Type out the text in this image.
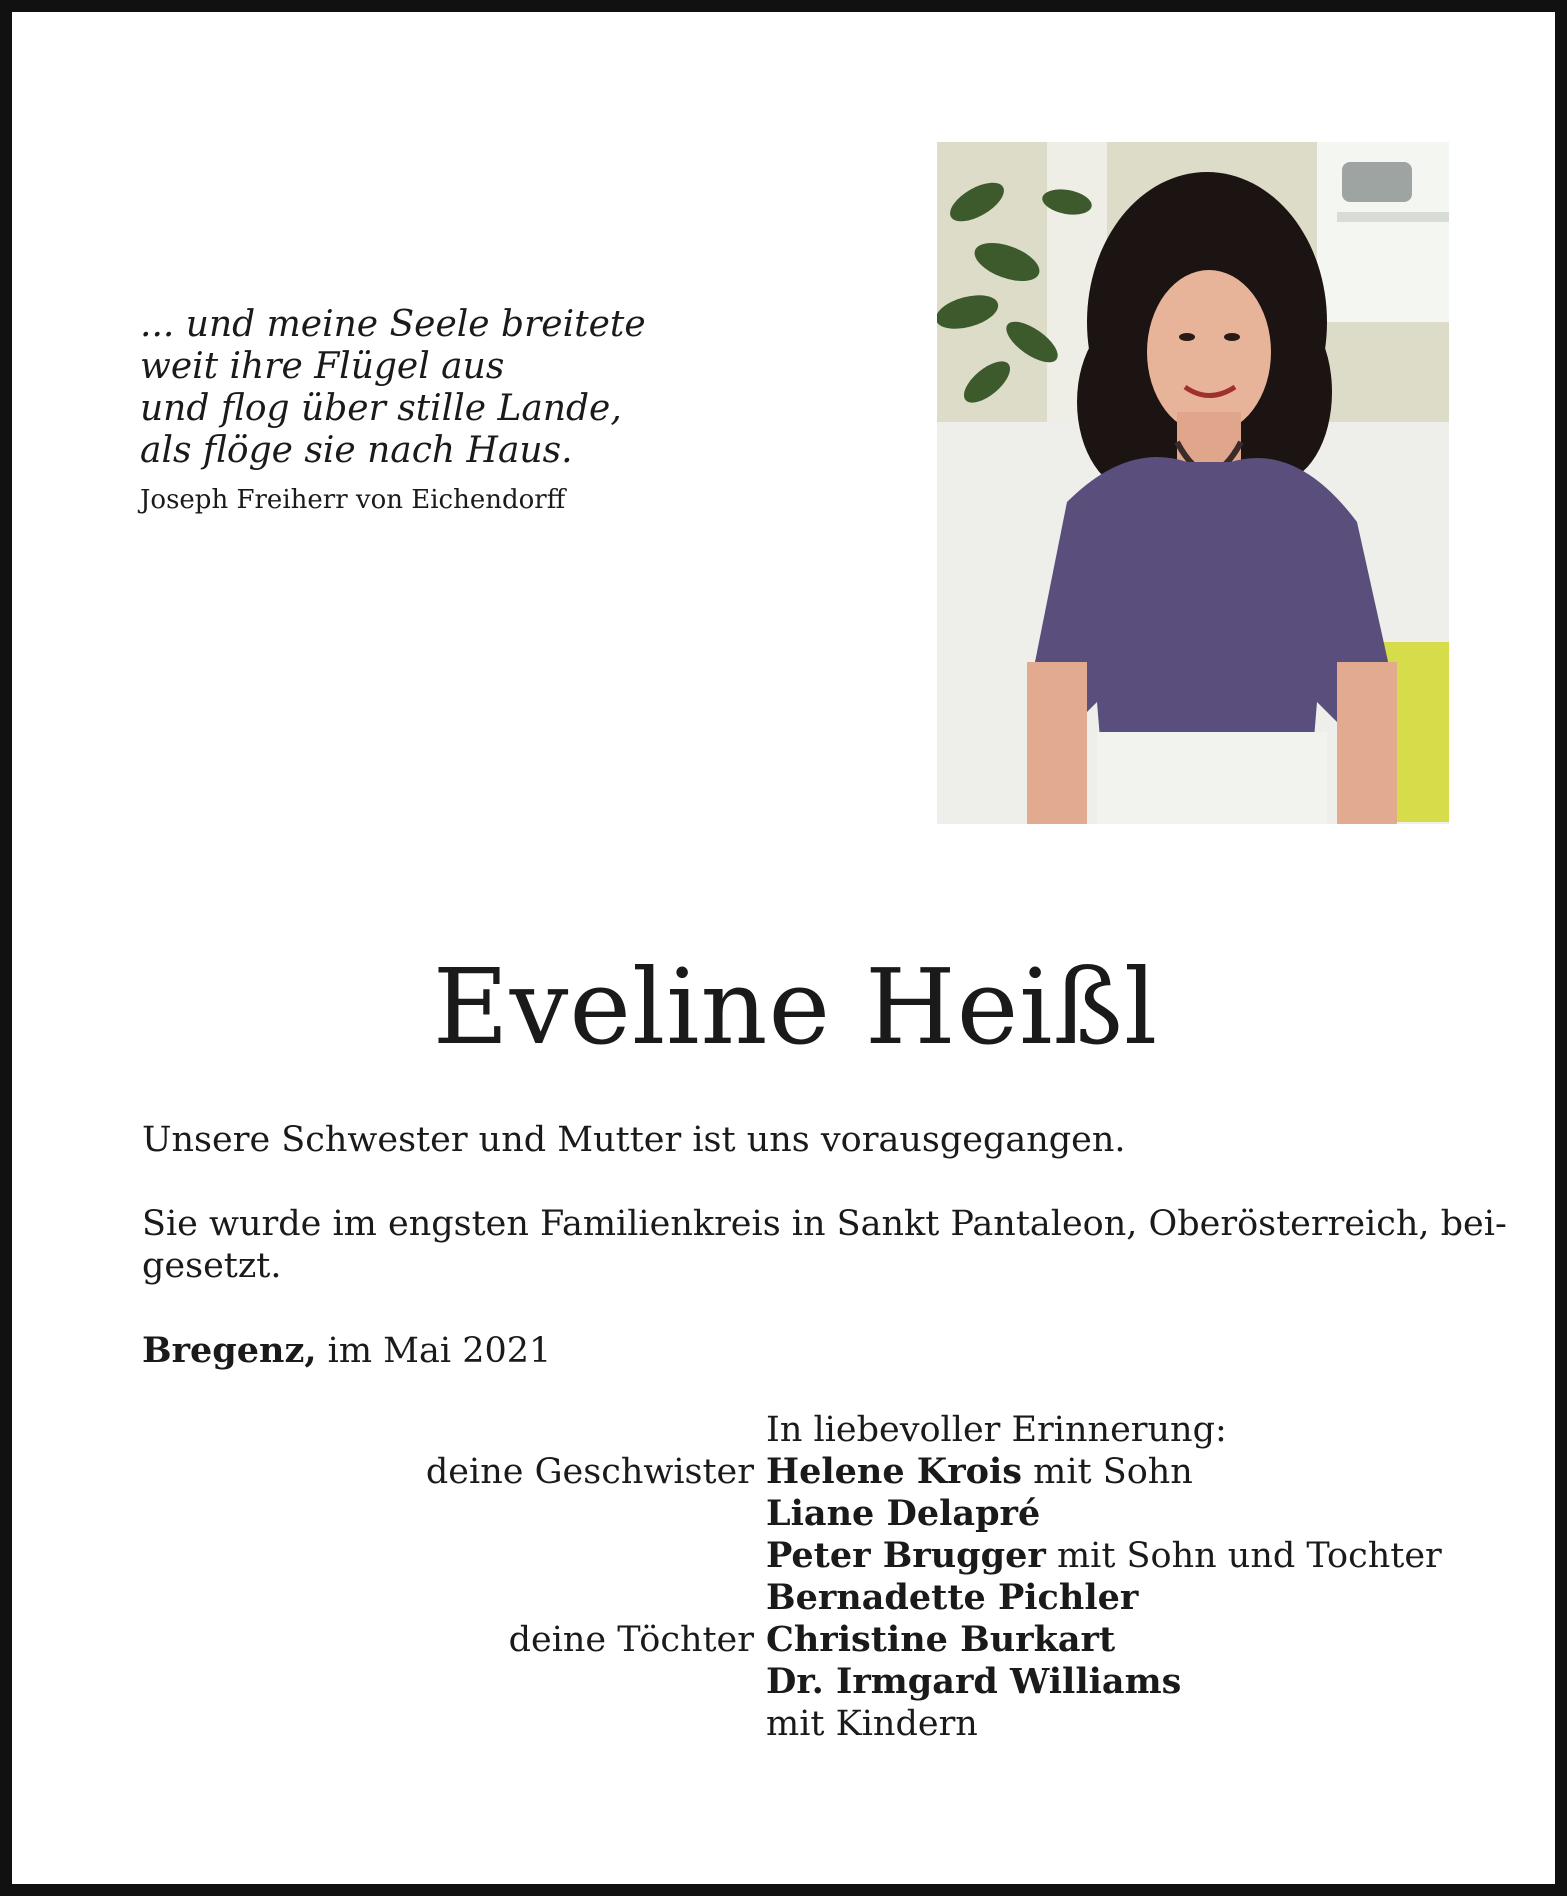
... und meine Seele breitete
weit ihre Flügel aus
und flog über stille Lande,
als flöge sie nach Haus.
Joseph Freiherr von Eichendorff
Eveline Heißl
Unsere Schwester und Mutter ist uns vorausgegangen.
Sie wurde im engsten Familienkreis in Sankt Pantaleon, Oberösterreich, bei-
gesetzt.
Bregenz, im Mai 2021
In liebevoller Erinnerung:
deine Geschwister Helene Krois mit Sohn
Liane Delapré
Peter Brugger mit Sohn und Tochter
Bernadette Pichler
deine Töchter Christine Burkart
Dr. Irmgard Williams
mit Kindern
